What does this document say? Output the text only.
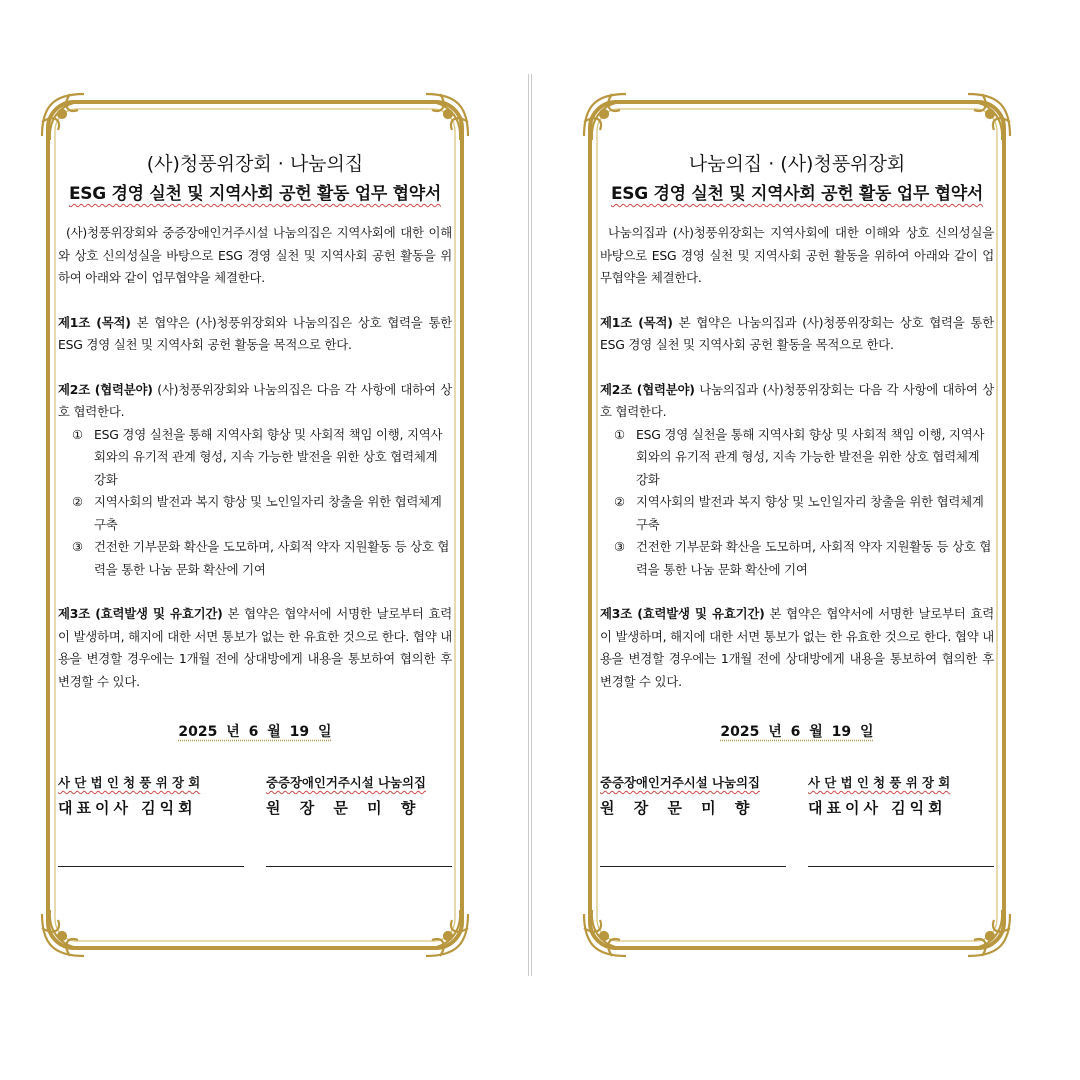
(사)청풍위장회 · 나눔의집

ESG 경영 실천 및 지역사회 공헌 활동 업무 협약서

(사)청풍위장회와 중증장애인거주시설 나눔의집은 지역사회에 대한 이해와 상호 신의성실을 바탕으로 ESG 경영 실천 및 지역사회 공헌 활동을 위하여 아래와 같이 업무협약을 체결한다.

제1조 (목적) 본 협약은 (사)청풍위장회와 나눔의집은 상호 협력을 통한 ESG 경영 실천 및 지역사회 공헌 활동을 목적으로 한다.

제2조 (협력분야) (사)청풍위장회와 나눔의집은 다음 각 사항에 대하여 상호 협력한다.

① ESG 경영 실천을 통해 지역사회 향상 및 사회적 책임 이행, 지역사회와의 유기적 관계 형성, 지속 가능한 발전을 위한 상호 협력체계 강화
② 지역사회의 발전과 복지 향상 및 노인일자리 창출을 위한 협력체계 구축
③ 건전한 기부문화 확산을 도모하며, 사회적 약자 지원활동 등 상호 협력을 통한 나눔 문화 확산에 기여

제3조 (효력발생 및 유효기간) 본 협약은 협약서에 서명한 날로부터 효력이 발생하며, 해지에 대한 서면 통보가 없는 한 유효한 것으로 한다. 협약 내용을 변경할 경우에는 1개월 전에 상대방에게 내용을 통보하여 협의한 후 변경할 수 있다.

2025 년 6 월 19 일
사 단 법 인 청 풍 위 장 회
대표이사 김익회
중증장애인거주시설 나눔의집
원 장 문 미 향

나눔의집 · (사)청풍위장회

ESG 경영 실천 및 지역사회 공헌 활동 업무 협약서

나눔의집과 (사)청풍위장회는 지역사회에 대한 이해와 상호 신의성실을 바탕으로 ESG 경영 실천 및 지역사회 공헌 활동을 위하여 아래와 같이 업무협약을 체결한다.

제1조 (목적) 본 협약은 나눔의집과 (사)청풍위장회는 상호 협력을 통한 ESG 경영 실천 및 지역사회 공헌 활동을 목적으로 한다.

제2조 (협력분야) 나눔의집과 (사)청풍위장회는 다음 각 사항에 대하여 상호 협력한다.

① ESG 경영 실천을 통해 지역사회 향상 및 사회적 책임 이행, 지역사회와의 유기적 관계 형성, 지속 가능한 발전을 위한 상호 협력체계 강화
② 지역사회의 발전과 복지 향상 및 노인일자리 창출을 위한 협력체계 구축
③ 건전한 기부문화 확산을 도모하며, 사회적 약자 지원활동 등 상호 협력을 통한 나눔 문화 확산에 기여

제3조 (효력발생 및 유효기간) 본 협약은 협약서에 서명한 날로부터 효력이 발생하며, 해지에 대한 서면 통보가 없는 한 유효한 것으로 한다. 협약 내용을 변경할 경우에는 1개월 전에 상대방에게 내용을 통보하여 협의한 후 변경할 수 있다.

2025 년 6 월 19 일
중증장애인거주시설 나눔의집
원 장 문 미 향
사 단 법 인 청 풍 위 장 회
대표이사 김익회
